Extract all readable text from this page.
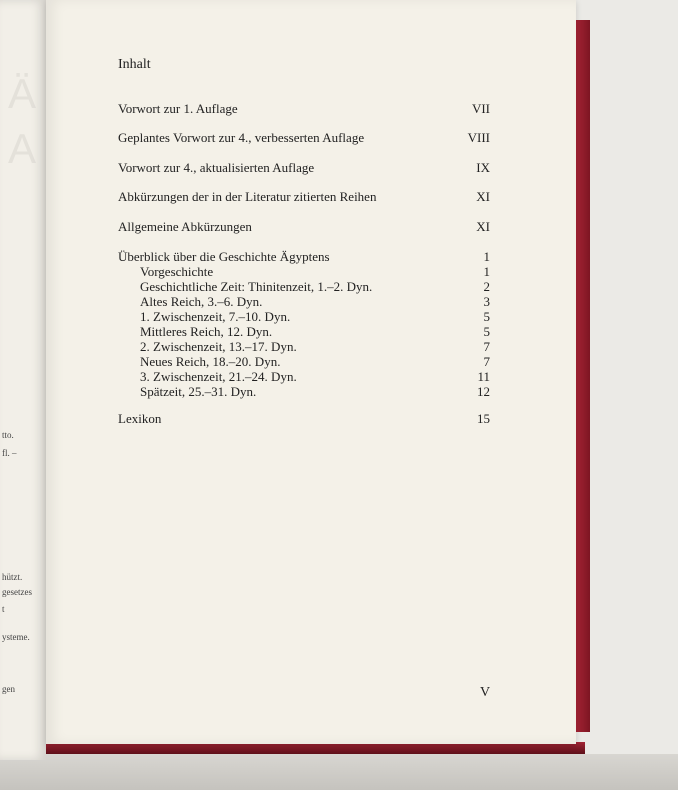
Ä
A
tto.
fl. –
hützt.
gesetzes
t
ysteme.
gen
Inhalt
Vorwort zur 1. Auflage	VII
Geplantes Vorwort zur 4., verbesserten Auflage	VIII
Vorwort zur 4., aktualisierten Auflage	IX
Abkürzungen der in der Literatur zitierten Reihen	XI
Allgemeine Abkürzungen	XI
Überblick über die Geschichte Ägyptens	1
Vorgeschichte	1
Geschichtliche Zeit: Thinitenzeit, 1.–2. Dyn.	2
Altes Reich, 3.–6. Dyn.	3
1. Zwischenzeit, 7.–10. Dyn.	5
Mittleres Reich, 12. Dyn.	5
2. Zwischenzeit, 13.–17. Dyn.	7
Neues Reich, 18.–20. Dyn.	7
3. Zwischenzeit, 21.–24. Dyn.	11
Spätzeit, 25.–31. Dyn.	12
Lexikon	15
V
